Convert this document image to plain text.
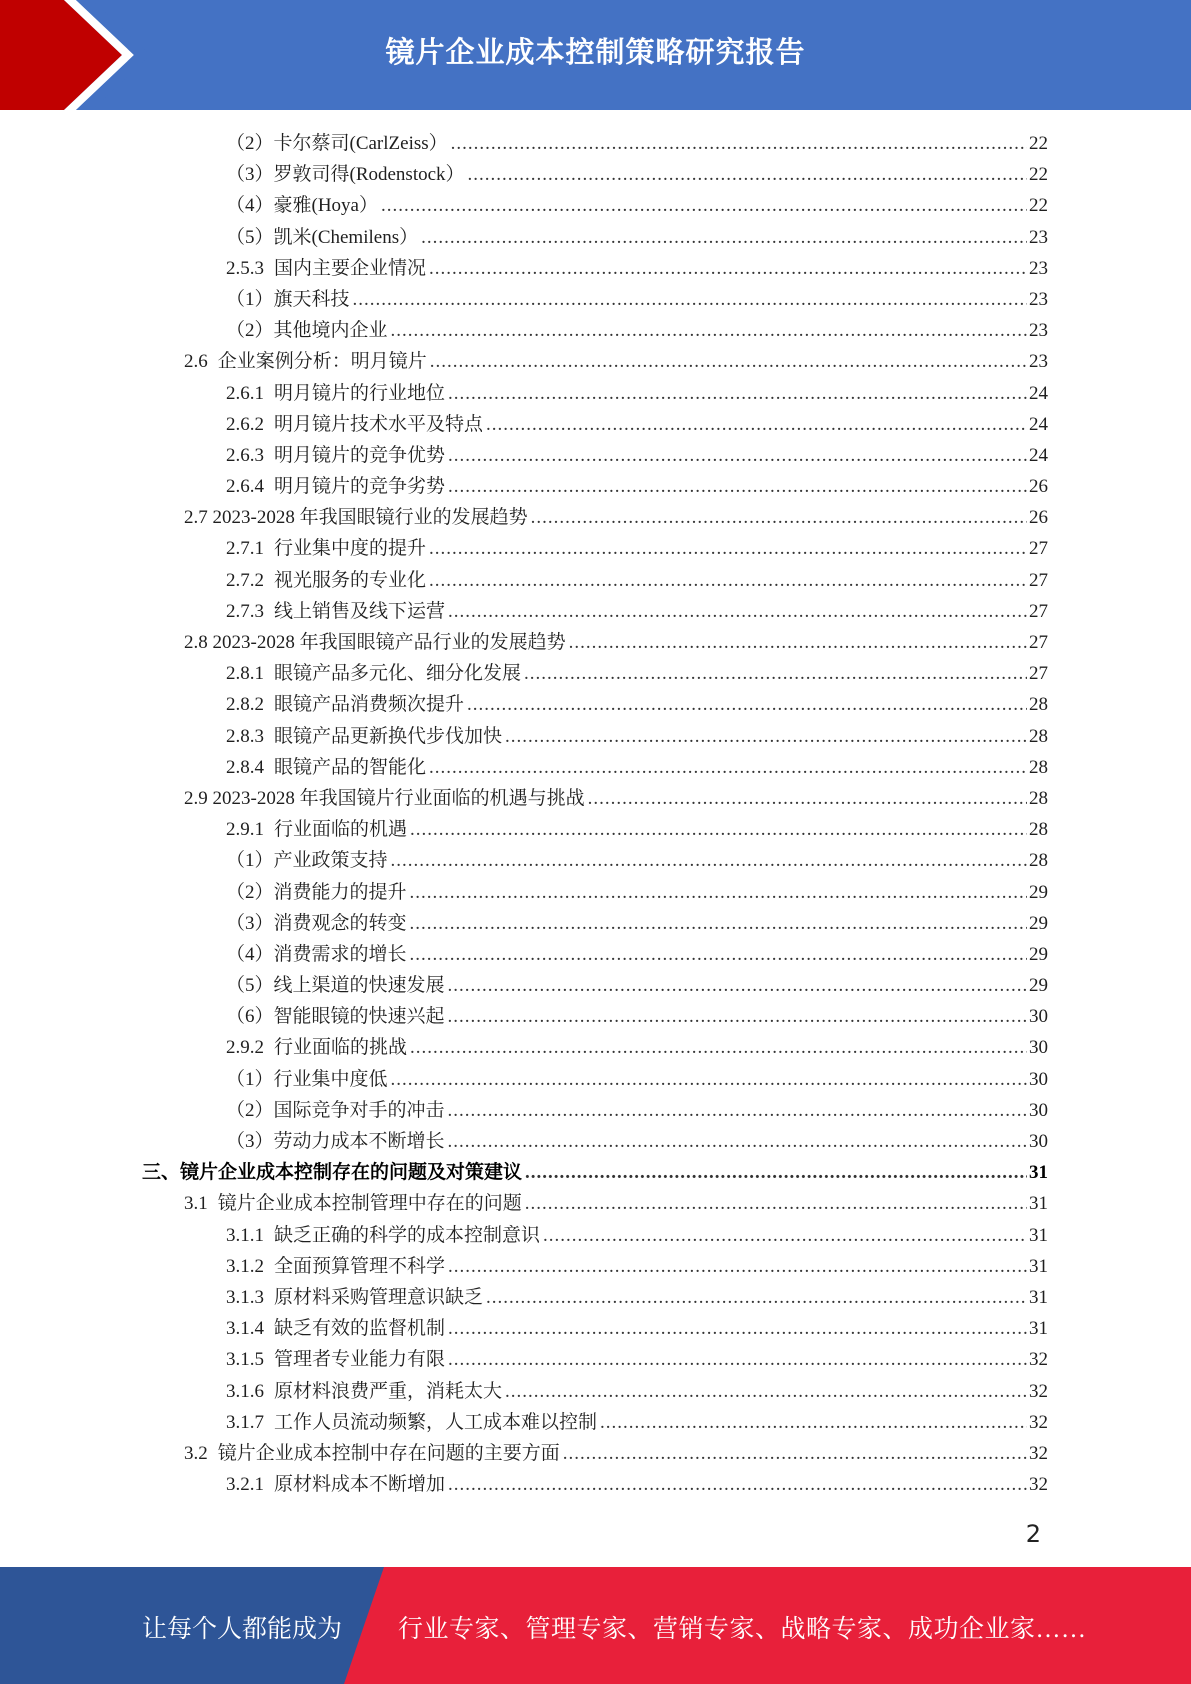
镜片企业成本控制策略研究报告
（2）卡尔蔡司(CarlZeiss） .....	22
（3）罗敦司得(Rodenstock） .....	22
（4）豪雅(Hoya） .....	22
（5）凯米(Chemilens） .....	23
2.5.3 国内主要企业情况 .....	23
（1）旗天科技 .....	23
（2）其他境内企业 .....	23
2.6 企业案例分析：明月镜片 .....	23
2.6.1 明月镜片的行业地位 .....	24
2.6.2 明月镜片技术水平及特点 .....	24
2.6.3 明月镜片的竞争优势 .....	24
2.6.4 明月镜片的竞争劣势 .....	26
2.7 2023-2028 年我国眼镜行业的发展趋势 .....	26
2.7.1 行业集中度的提升 .....	27
2.7.2 视光服务的专业化 .....	27
2.7.3 线上销售及线下运营 .....	27
2.8 2023-2028 年我国眼镜产品行业的发展趋势 .....	27
2.8.1 眼镜产品多元化、细分化发展 .....	27
2.8.2 眼镜产品消费频次提升 .....	28
2.8.3 眼镜产品更新换代步伐加快 .....	28
2.8.4 眼镜产品的智能化 .....	28
2.9 2023-2028 年我国镜片行业面临的机遇与挑战 .....	28
2.9.1 行业面临的机遇 .....	28
（1）产业政策支持 .....	28
（2）消费能力的提升 .....	29
（3）消费观念的转变 .....	29
（4）消费需求的增长 .....	29
（5）线上渠道的快速发展 .....	29
（6）智能眼镜的快速兴起 .....	30
2.9.2 行业面临的挑战 .....	30
（1）行业集中度低 .....	30
（2）国际竞争对手的冲击 .....	30
（3）劳动力成本不断增长 .....	30
三、镜片企业成本控制存在的问题及对策建议 .....	31
3.1 镜片企业成本控制管理中存在的问题 .....	31
3.1.1 缺乏正确的科学的成本控制意识 .....	31
3.1.2 全面预算管理不科学 .....	31
3.1.3 原材料采购管理意识缺乏 .....	31
3.1.4 缺乏有效的监督机制 .....	31
3.1.5 管理者专业能力有限 .....	32
3.1.6 原材料浪费严重，消耗太大 .....	32
3.1.7 工作人员流动频繁，人工成本难以控制 .....	32
3.2 镜片企业成本控制中存在问题的主要方面 .....	32
3.2.1 原材料成本不断增加 .....	32
2
让每个人都能成为 行业专家、管理专家、营销专家、战略专家、成功企业家……
